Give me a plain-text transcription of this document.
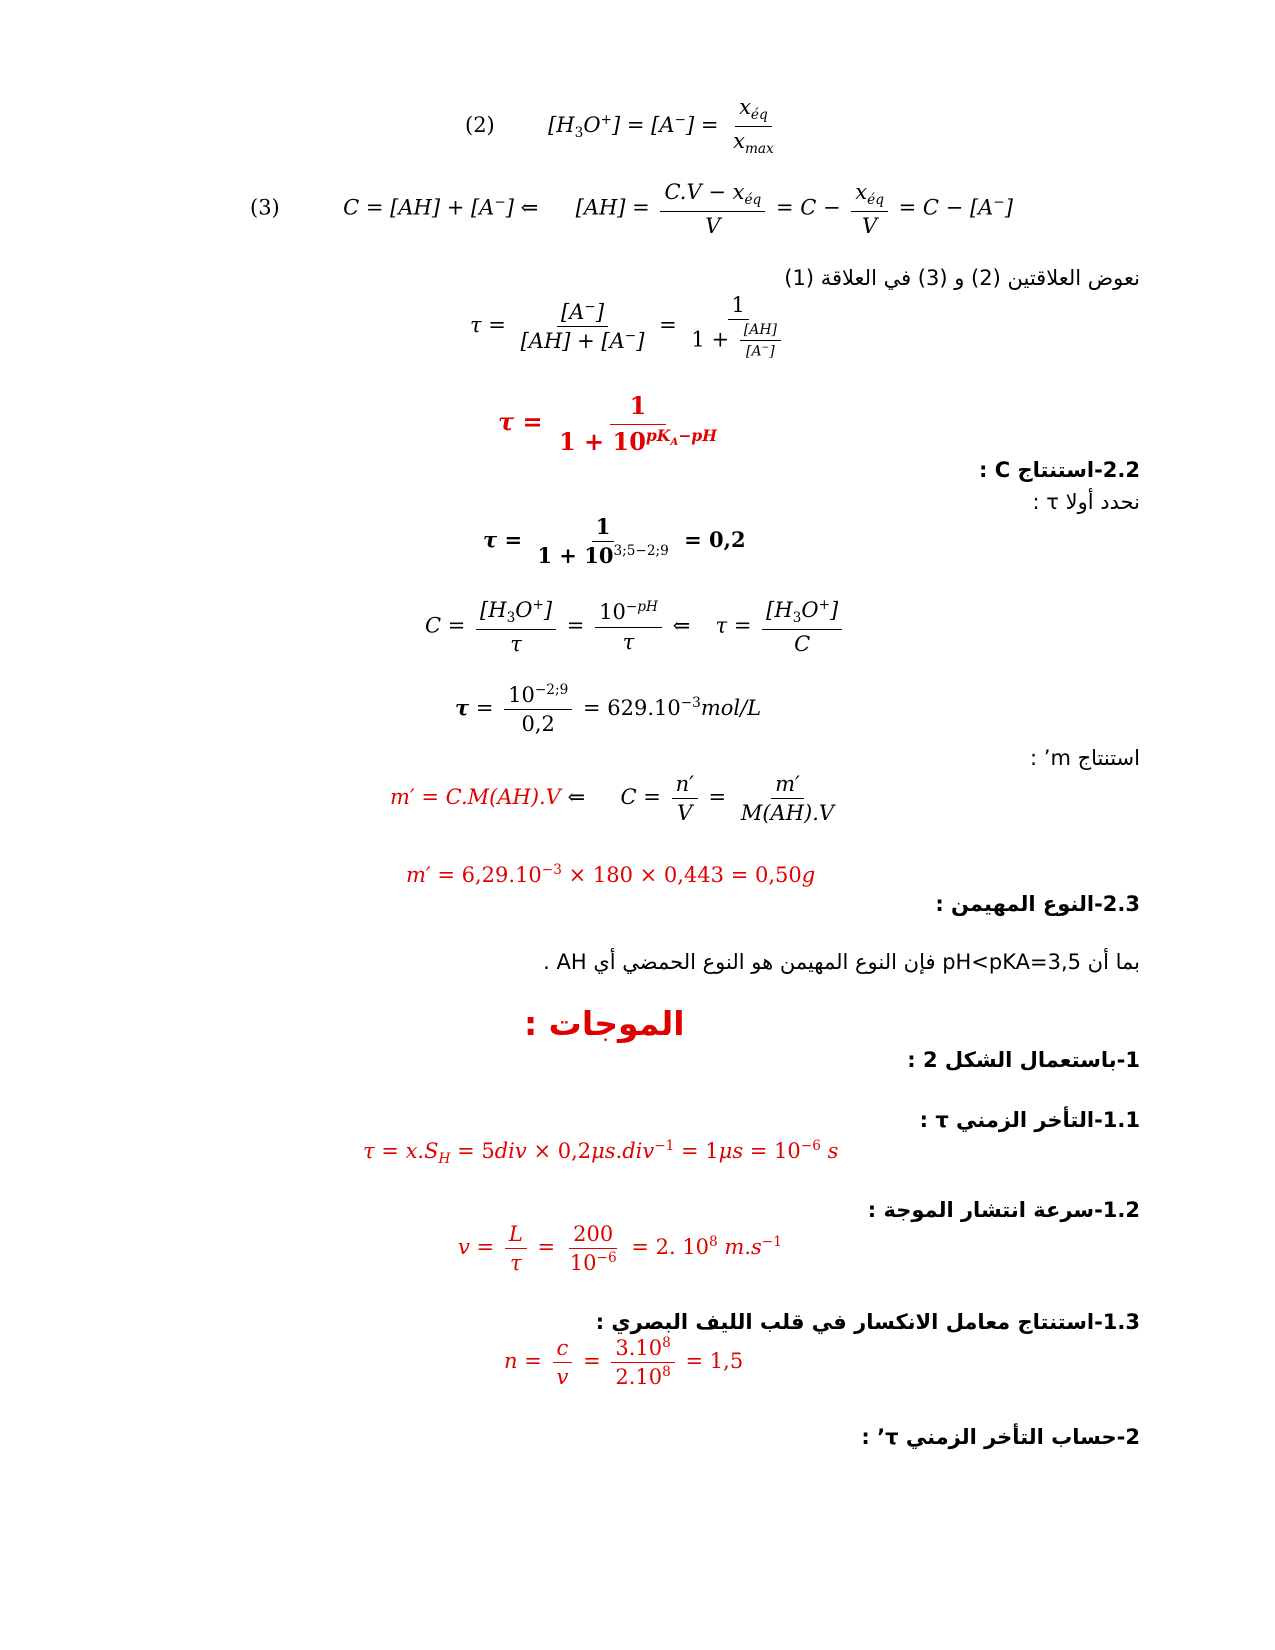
(2)  $[H_3O^+] = [A^-] = \frac{x_{éq}}{x_{max}}$
(3)	C = [AH] + [A−] ⇐  $[AH] = \frac{C.V - x_{éq}}{V} = C - \frac{x_{éq}}{V} = C - [A^-]$
نعوض العلاقتين (2) و (3) في العلاقة (1)
$\tau = \frac{[A^-]}{[AH] + [A^-]} = \frac{1}{1 + \frac{[AH]}{[A^-]}}$
$\tau = \frac{1}{1 + 10^{pK_A-pH}}$
2.2-استنتاج C :
نحدد أولا τ :
$\tau = \frac{1}{1 + 10^{3;5-2;9}} = 0,2$
$C = \frac{[H_3O^+]}{\tau} = \frac{10^{-pH}}{\tau}$ ⇐  $\tau = \frac{[H_3O^+]}{C}$
$\tau = \frac{10^{-2;9}}{0,2} = 629.10^{-3}mol/L$
استنتاج m’ :
m′ = C.M(AH).V ⇐  $C = \frac{n'}{V} = \frac{m'}{M(AH).V}$
$m' = 6,29.10^{-3} \times 180 \times 0,443 = 0,50g$
2.3-النوع المهيمن :
بما أن pH<pKA=3,5 فإن النوع المهيمن هو النوع الحمضي أي AH .
الموجات :
1-باستعمال الشكل 2 :
1.1-التأخر الزمني τ :
$\tau = x.S_H = 5div \times 0,2\mu s.div^{-1} = 1\mu s = 10^{-6}$ s
1.2-سرعة انتشار الموجة :
$v = \frac{L}{\tau} = \frac{200}{10^{-6}} = 2$. $10^8$ $m.s^{-1}$
1.3-استنتاج معامل الانكسار في قلب الليف البصري :
$n = \frac{c}{v} = \frac{3.10^8}{2.10^8} = 1,5$
2-حساب التأخر الزمني τ’ :
